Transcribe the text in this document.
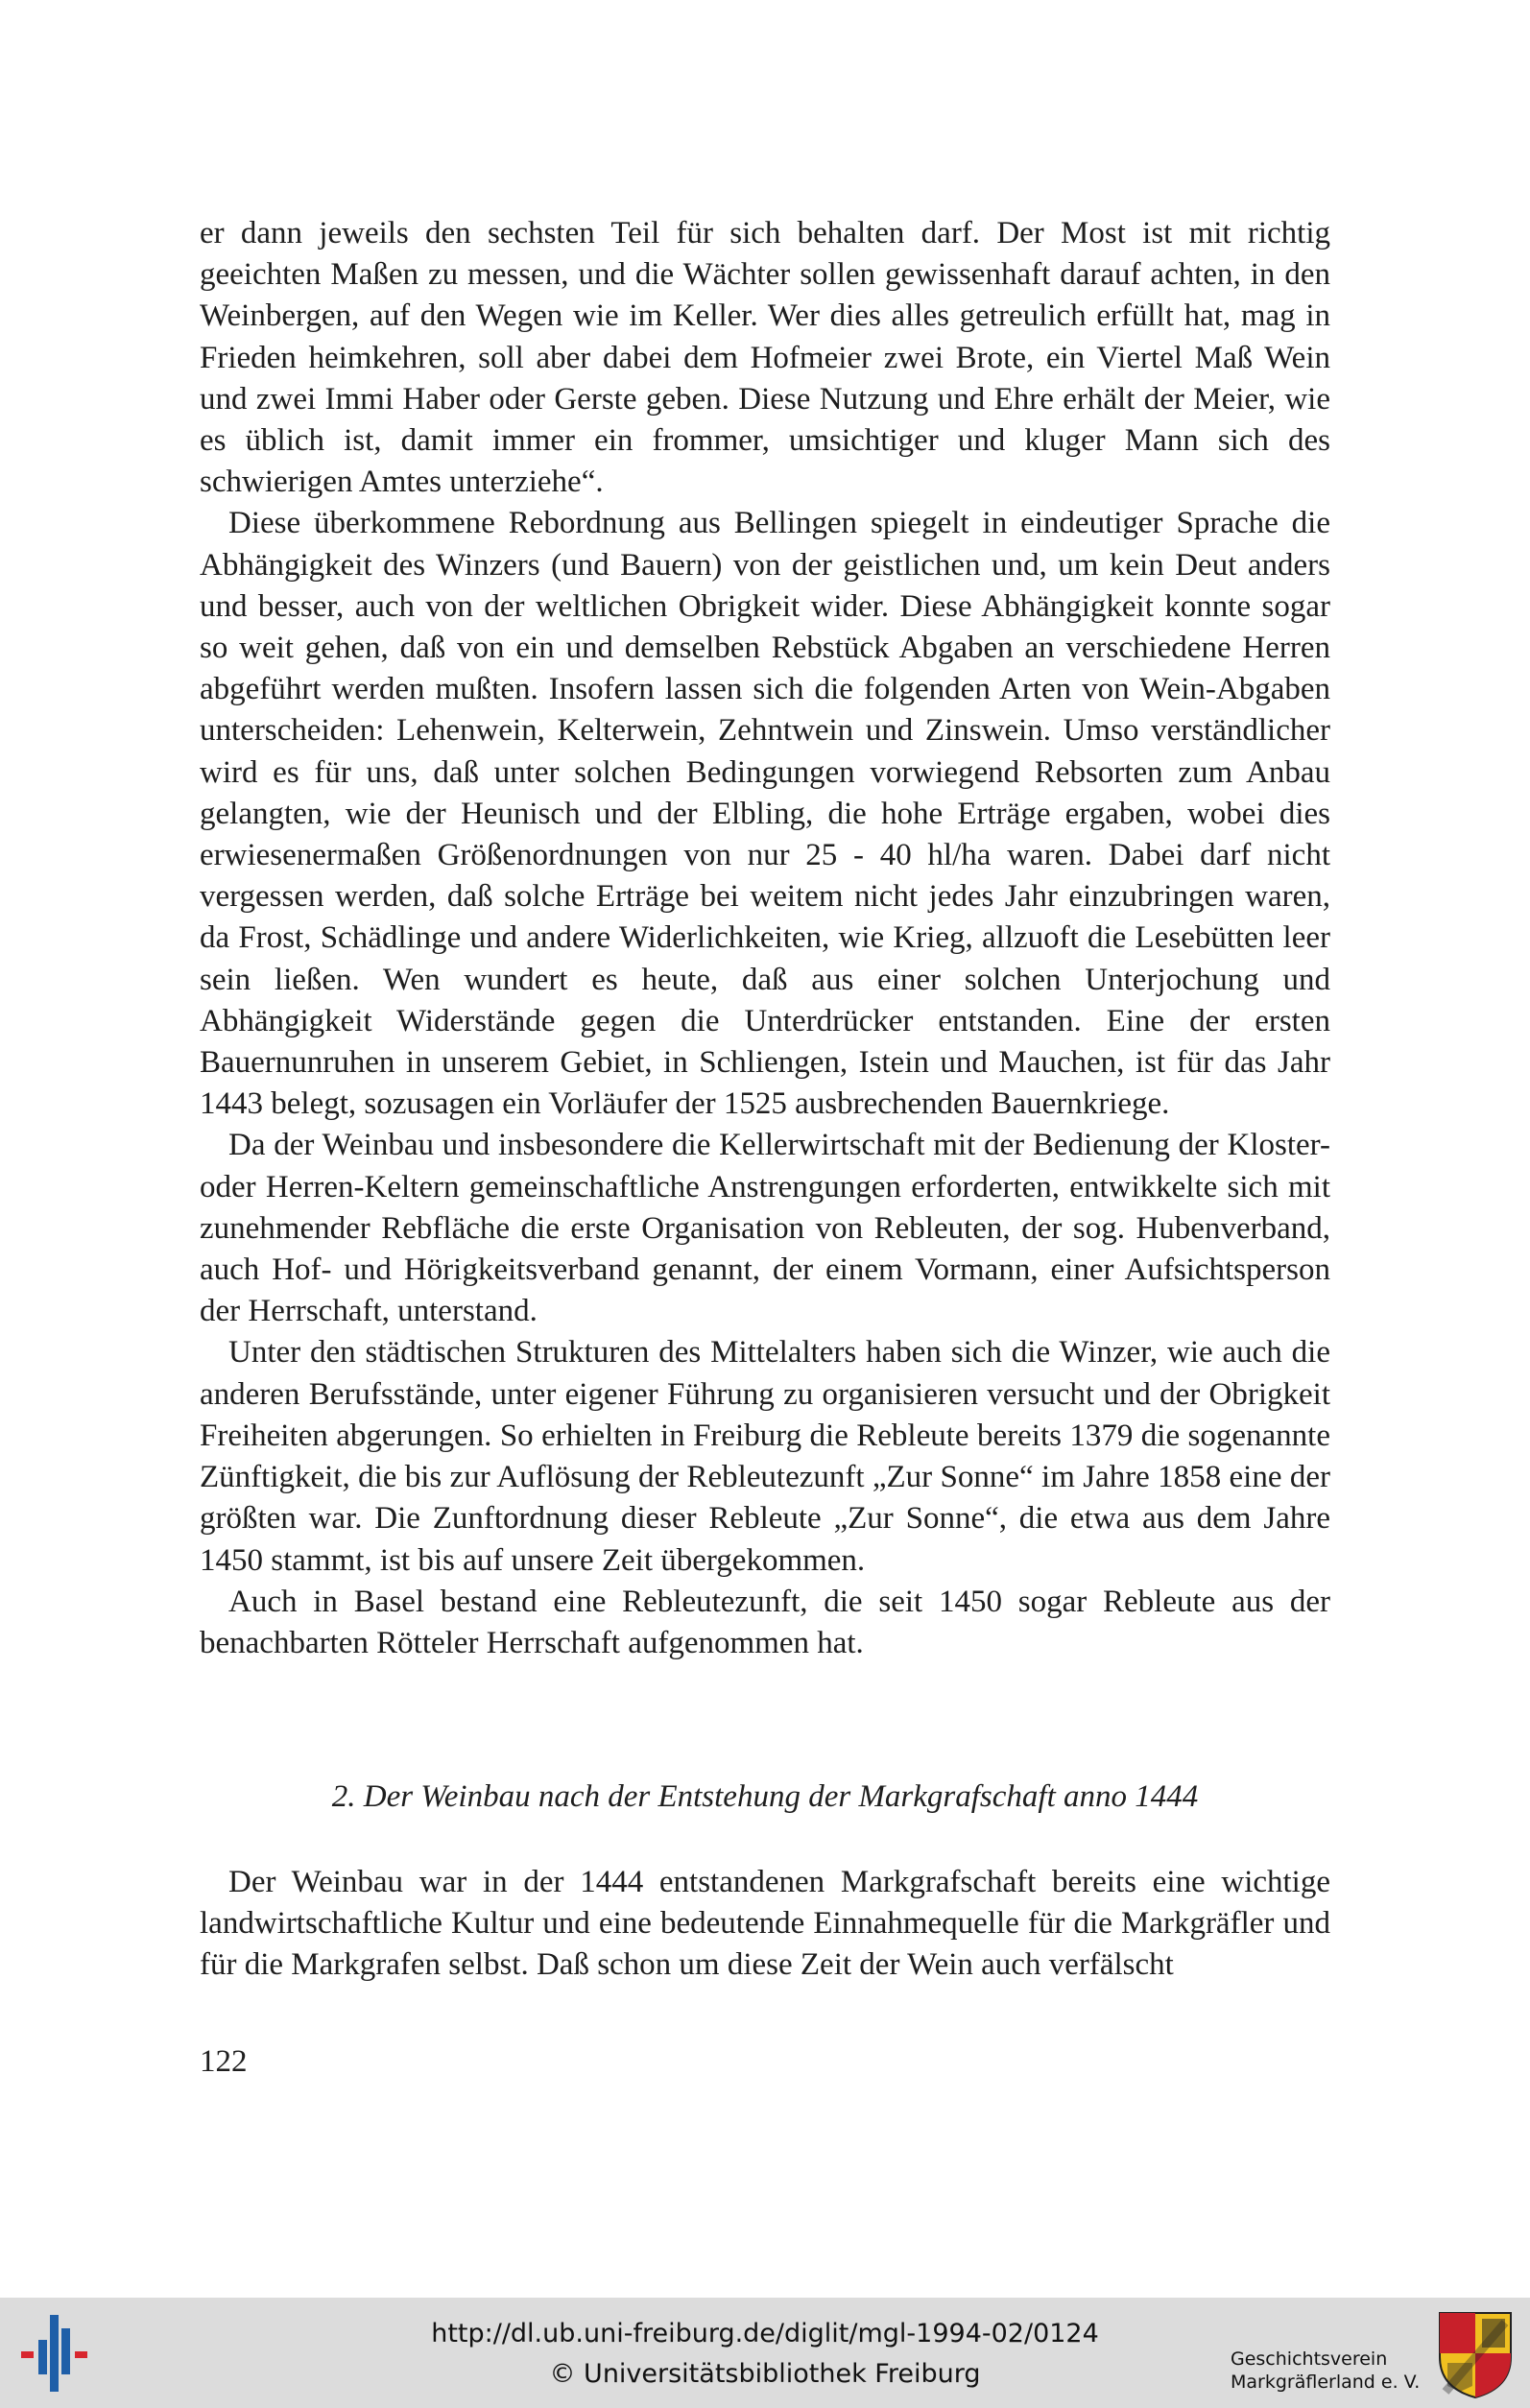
er dann jeweils den sechsten Teil für sich behalten darf. Der Most ist mit richtig geeichten Maßen zu messen, und die Wächter sollen gewissenhaft darauf achten, in den Weinbergen, auf den Wegen wie im Keller. Wer dies alles getreulich erfüllt hat, mag in Frieden heimkehren, soll aber dabei dem Hofmeier zwei Brote, ein Viertel Maß Wein und zwei Immi Haber oder Gerste geben. Diese Nutzung und Ehre erhält der Meier, wie es üblich ist, damit immer ein frommer, umsichtiger und kluger Mann sich des schwierigen Amtes unterziehe“.

Diese überkommene Rebordnung aus Bellingen spiegelt in eindeutiger Sprache die Abhängigkeit des Winzers (und Bauern) von der geistlichen und, um kein Deut anders und besser, auch von der weltlichen Obrigkeit wider. Diese Abhängigkeit konnte sogar so weit gehen, daß von ein und demselben Rebstück Abgaben an verschiedene Herren abgeführt werden mußten. Insofern lassen sich die folgenden Arten von Wein-Abgaben unterscheiden: Lehenwein, Kelterwein, Zehntwein und Zinswein. Umso verständlicher wird es für uns, daß unter solchen Bedingungen vorwiegend Rebsorten zum Anbau gelangten, wie der Heunisch und der Elbling, die hohe Erträge ergaben, wobei dies erwiesenermaßen Größenordnungen von nur 25 - 40 hl/ha waren. Dabei darf nicht vergessen werden, daß solche Erträge bei weitem nicht jedes Jahr einzubringen waren, da Frost, Schädlinge und andere Widerlichkeiten, wie Krieg, allzuoft die Lesebütten leer sein ließen. Wen wundert es heute, daß aus einer solchen Unterjochung und Abhängigkeit Widerstände gegen die Unterdrücker entstanden. Eine der ersten Bauernunruhen in unserem Gebiet, in Schliengen, Istein und Mauchen, ist für das Jahr 1443 belegt, sozusagen ein Vorläufer der 1525 ausbrechenden Bauernkriege.

Da der Weinbau und insbesondere die Kellerwirtschaft mit der Bedienung der Kloster- oder Herren-Keltern gemeinschaftliche Anstrengungen erforderten, entwikkelte sich mit zunehmender Rebfläche die erste Organisation von Rebleuten, der sog. Hubenverband, auch Hof- und Hörigkeitsverband genannt, der einem Vormann, einer Aufsichtsperson der Herrschaft, unterstand.

Unter den städtischen Strukturen des Mittelalters haben sich die Winzer, wie auch die anderen Berufsstände, unter eigener Führung zu organisieren versucht und der Obrigkeit Freiheiten abgerungen. So erhielten in Freiburg die Rebleute bereits 1379 die sogenannte Zünftigkeit, die bis zur Auflösung der Rebleutezunft „Zur Sonne“ im Jahre 1858 eine der größten war. Die Zunftordnung dieser Rebleute „Zur Sonne“, die etwa aus dem Jahre 1450 stammt, ist bis auf unsere Zeit übergekommen.

Auch in Basel bestand eine Rebleutezunft, die seit 1450 sogar Rebleute aus der benachbarten Rötteler Herrschaft aufgenommen hat.

2. Der Weinbau nach der Entstehung der Markgrafschaft anno 1444

Der Weinbau war in der 1444 entstandenen Markgrafschaft bereits eine wichtige landwirtschaftliche Kultur und eine bedeutende Einnahmequelle für die Markgräfler und für die Markgrafen selbst. Daß schon um diese Zeit der Wein auch verfälscht

122
http://dl.ub.uni-freiburg.de/diglit/mgl-1994-02/0124
© Universitätsbibliothek Freiburg	Geschichtsverein
Markgräflerland e. V.
